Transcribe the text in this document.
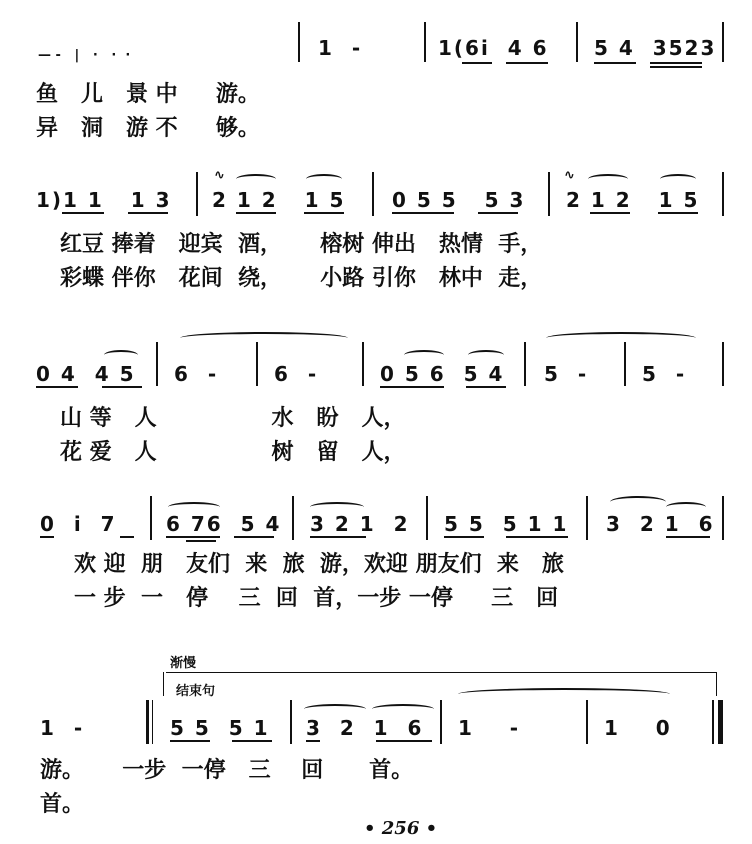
— ‐   |   ·   ·  ·	1  -	1(6i  4 6 5 4  3523
鱼   儿   景 中     游。
异   洞   游 不     够。
1)1 1   1 3
∿
2 1 2   1 5 0 5 5   5 3
∿
2 1 2   1 5
红豆 捧着   迎宾  酒，     榕树 伸出   热情  手，
彩蝶 伴你   花间  绕，     小路 引你   林中  走，
0 4  4 5 6  -	6  -	0 5 6  5 4 5  -	5  -
山 等   人               水   盼   人，
花 爱   人               树   留   人，
0  i  7 6 76  5 4 3 2 1  2 5 5  5 1 1 3  2 1  6
欢 迎  朋   友们  来  旅  游，欢迎 朋友们  来   旅
一 步  一   停    三  回  首，一步 一停     三   回
渐慢
结束句
1  -	5 5  5 1 3  2  1  6 1    -	1    0
游。     一步  一停   三    回      首。
首。
• 256 •
